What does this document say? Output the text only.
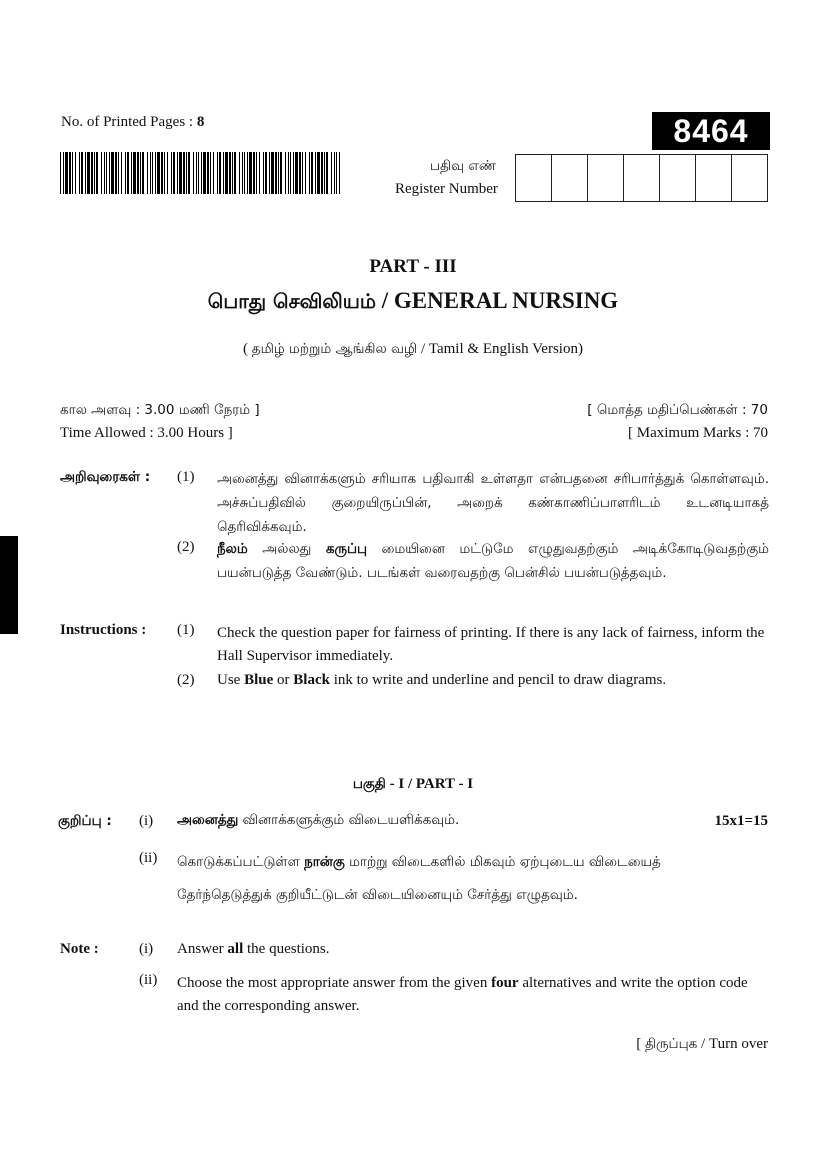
No. of Printed Pages : 8	8464
பதிவு எண்
Register Number
PART - III
பொது செவிலியம் / GENERAL NURSING
( தமிழ் மற்றும் ஆங்கில வழி / Tamil & English Version)
கால அளவு : 3.00 மணி நேரம் ]	[ மொத்த மதிப்பெண்கள் : 70
Time Allowed : 3.00 Hours ]	[ Maximum Marks : 70
அறிவுரைகள் : (1) அனைத்து வினாக்களும் சரியாக பதிவாகி உள்ளதா என்பதனை சரிபார்த்துக் கொள்ளவும். அச்சுப்பதிவில் குறையிருப்பின், அறைக் கண்காணிப்பாளரிடம் உடனடியாகத் தெரிவிக்கவும்.
(2) நீலம் அல்லது கருப்பு மையினை மட்டுமே எழுதுவதற்கும் அடிக்கோடிடுவதற்கும் பயன்படுத்த வேண்டும். படங்கள் வரைவதற்கு பென்சில் பயன்படுத்தவும்.
Instructions : (1) Check the question paper for fairness of printing. If there is any lack of fairness, inform the Hall Supervisor immediately.
(2) Use Blue or Black ink to write and underline and pencil to draw diagrams.
பகுதி - I / PART - I
குறிப்பு : (i) அனைத்து வினாக்களுக்கும் விடையளிக்கவும்.	15x1=15
(ii) கொடுக்கப்பட்டுள்ள நான்கு மாற்று விடைகளில் மிகவும் ஏற்புடைய விடையைத் தேர்ந்தெடுத்துக் குறியீட்டுடன் விடையினையும் சேர்த்து எழுதவும்.
Note :	(i) Answer all the questions.
(ii) Choose the most appropriate answer from the given four alternatives and write the option code and the corresponding answer.
[ திருப்புக / Turn over
